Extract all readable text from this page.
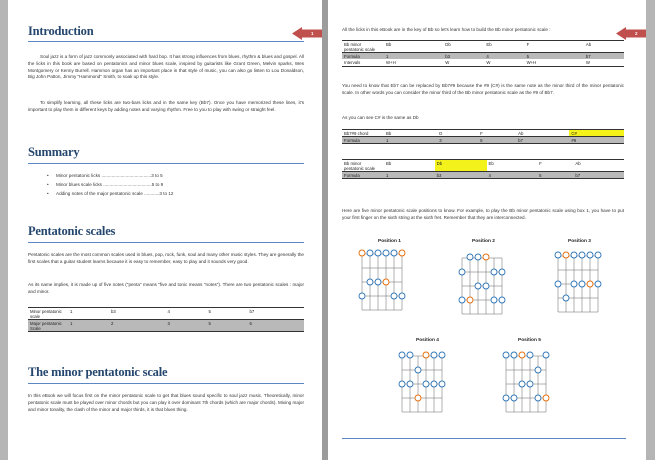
Introduction	1

Soul jazz is a form of jazz commonly associated with hard bop. It has strong influences from blues, rhythm & blues and gospel. All the licks in this book are based on pentatonics and minor blues scale, inspired by guitarists like Grant Green, Melvin sparks, Wes Montgomery or Kenny Burrell. Hammon organ has an important place in that style of music, you can also go listen to Lou Donaldson, Big John Patton, Jimmy "Hammond" Smith, to soak up this style.

To simplify learning, all these licks are two-bars licks and in the same key (Bb7). Once you have memorized these lines, it's important to play them in different keys by adding notes and varying rhythm. Free to you to play with swing or straight feel.

Summary
• Minor pentatonic licks .......................................3 to 5
• Minor blues scale licks ......................................5 to 9
• Adding notes of the major pentatonic scale ............3 to 12
Pentatonic scales

Pentatonic scales are the most common scales used in blues, pop, rock, funk, soul and many other music styles. They are generally the first scales that a guitar student learns because it is easy to remember, easy to play and it sounds very good.

As its name implies, it is made up of five notes ("penta" means "five and tonic means "notes"). There are two pentatonic scales : major and minor.

Minor pentatonic scale	1	b3	4	5	b7
Major pentatonic Scale	1	2	3	5	6
The minor pentatonic scale

In this eBook we will focus first on the minor pentatonic scale to get that blues sound specific to soul jazz music. Theoretically, minor pentatonic scale must be played over minor chords but you can play it over dominant 7th chords (which are major chords). Mixing major and minor tonality, the clash of the minor and major thirds, it is that blues thing.

2

All the licks in this eBook are in the key of Bb so let's learn how to build the Bb minor pentatonic scale :

Bb minor pentatonic scale	Bb	Db	Eb	F	Ab
Formula	1	b3	4	5	b7
Intervals	W+H	W	W	W+H	W

You need to know that Eb7 can be replaced by Bb7#9 because the #9 (C#) is the same note as the minor third of the minor pentatonic scale. In other words you can consider the minor third of the Bb minor pentatonic scale as the #9 of Bb7.

As you can see C# is the same as Db

Bb7#9 chord	Bb	D	F	Ab	C#
Formula	1	3	5	b7	#9
Bb minor pentatonic scale	Bb	Db	Eb	F	Ab
Formula	1	b3	4	5	b7

Here are five minor pentatonic scale positions to know. For example, to play the Bb minor pentatonic scale using box 1, you have to put your first finger on the sixth string at the sixth fret. Remember that they are interconnected.

Position 1	Position 2	Position 3
Position 4	Position 5
